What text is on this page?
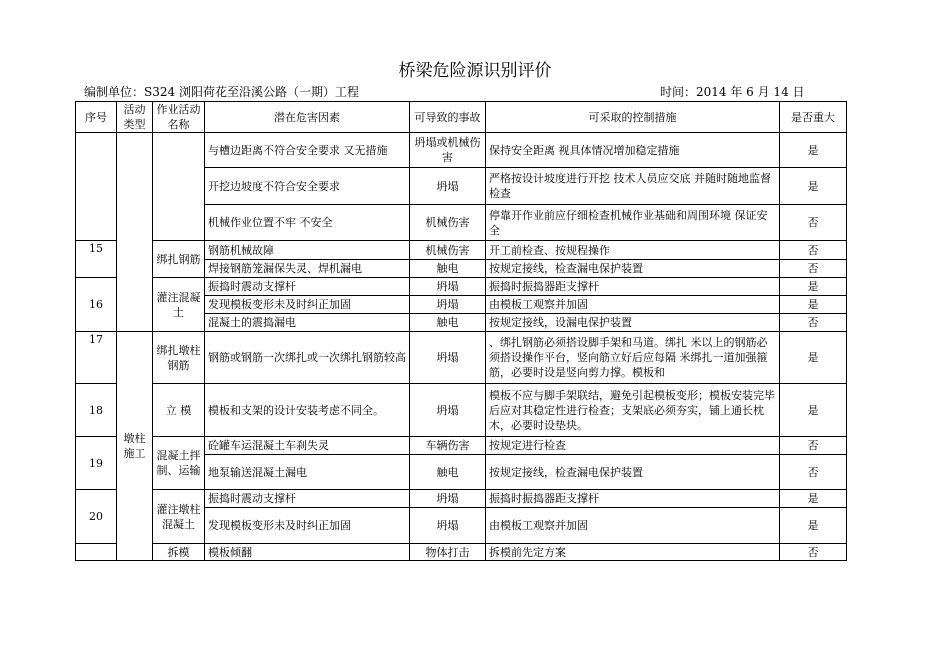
桥梁危险源识别评价
编制单位：S324 浏阳荷花至沿溪公路（一期）工程	时间：2014 年 6 月 14 日
序号	活动类型	作业活动名称	潜在危害因素	可导致的事故	可采取的控制措施	是否重大
			与槽边距离不符合安全要求 又无措施	坍塌或机械伤害	保持安全距离 视具体情况增加稳定措施	是
			开挖边坡度不符合安全要求	坍塌	严格按设计坡度进行开挖 技术人员应交底 并随时随地监督检查	是
			机械作业位置不牢 不安全	机械伤害	停靠开作业前应仔细检查机械作业基础和周围环境 保证安全	否
15		绑扎钢筋	钢筋机械故障	机械伤害	开工前检查、按规程操作	否
			焊接钢筋笼漏保失灵、焊机漏电	触电	按规定接线，检查漏电保护装置	否
16		灌注混凝土	振捣时震动支撑杆	坍塌	振捣时振捣器距支撑杆	是
			发现模板变形未及时纠正加固	坍塌	由模板工观察并加固	是
			混凝土的震捣漏电	触电	按规定接线，设漏电保护装置	否
17	墩柱施工	绑扎墩柱钢筋	钢筋或钢筋一次绑扎或一次绑扎钢筋较高	坍塌	、绑扎钢筋必须搭设脚手架和马道。绑扎 米以上的钢筋必须搭设操作平台，竖向筋立好后应每隔 米绑扎一道加强箍筋，必要时设是竖向剪力撑。模板和	是
18		立 模	模板和支架的设计安装考虑不同全。	坍塌	模板不应与脚手架联结，避免引起模板变形；模板安装完毕后应对其稳定性进行检查；支架底必须夯实，铺上通长枕木，必要时设垫块。	是
19		混凝土拌制、运输	砼罐车运混凝土车刹失灵	车辆伤害	按规定进行检查	否
			地泵输送混凝土漏电	触电	按规定接线，检查漏电保护装置	否
20		灌注墩柱混凝土	振捣时震动支撑杆	坍塌	振捣时振捣器距支撑杆	是
			发现模板变形未及时纠正加固	坍塌	由模板工观察并加固	是
		拆模	模板倾翻	物体打击	拆模前先定方案	否
